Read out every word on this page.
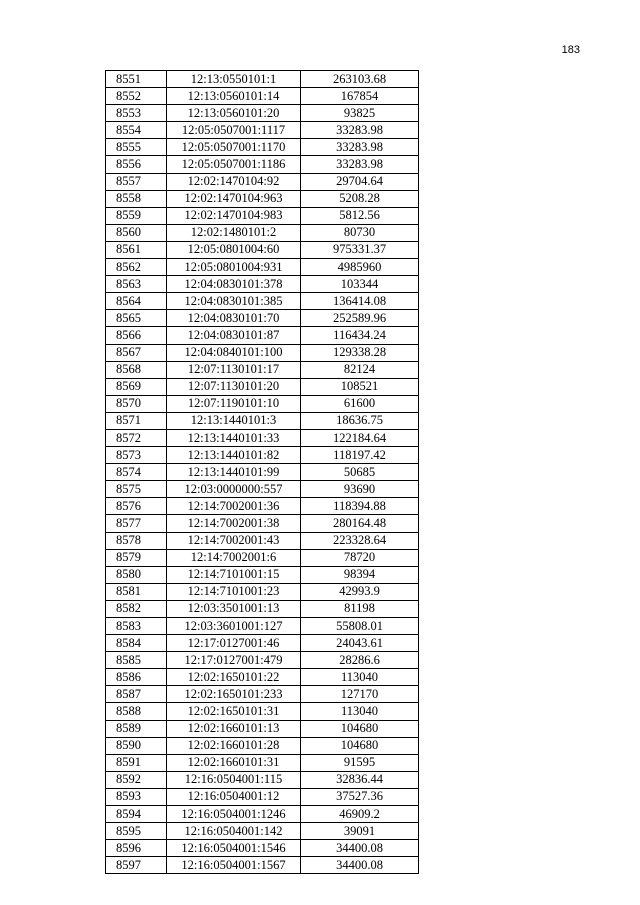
183
8551	12:13:0550101:1	263103.68
8552	12:13:0560101:14	167854
8553	12:13:0560101:20	93825
8554	12:05:0507001:1117	33283.98
8555	12:05:0507001:1170	33283.98
8556	12:05:0507001:1186	33283.98
8557	12:02:1470104:92	29704.64
8558	12:02:1470104:963	5208.28
8559	12:02:1470104:983	5812.56
8560	12:02:1480101:2	80730
8561	12:05:0801004:60	975331.37
8562	12:05:0801004:931	4985960
8563	12:04:0830101:378	103344
8564	12:04:0830101:385	136414.08
8565	12:04:0830101:70	252589.96
8566	12:04:0830101:87	116434.24
8567	12:04:0840101:100	129338.28
8568	12:07:1130101:17	82124
8569	12:07:1130101:20	108521
8570	12:07:1190101:10	61600
8571	12:13:1440101:3	18636.75
8572	12:13:1440101:33	122184.64
8573	12:13:1440101:82	118197.42
8574	12:13:1440101:99	50685
8575	12:03:0000000:557	93690
8576	12:14:7002001:36	118394.88
8577	12:14:7002001:38	280164.48
8578	12:14:7002001:43	223328.64
8579	12:14:7002001:6	78720
8580	12:14:7101001:15	98394
8581	12:14:7101001:23	42993.9
8582	12:03:3501001:13	81198
8583	12:03:3601001:127	55808.01
8584	12:17:0127001:46	24043.61
8585	12:17:0127001:479	28286.6
8586	12:02:1650101:22	113040
8587	12:02:1650101:233	127170
8588	12:02:1650101:31	113040
8589	12:02:1660101:13	104680
8590	12:02:1660101:28	104680
8591	12:02:1660101:31	91595
8592	12:16:0504001:115	32836.44
8593	12:16:0504001:12	37527.36
8594	12:16:0504001:1246	46909.2
8595	12:16:0504001:142	39091
8596	12:16:0504001:1546	34400.08
8597	12:16:0504001:1567	34400.08
